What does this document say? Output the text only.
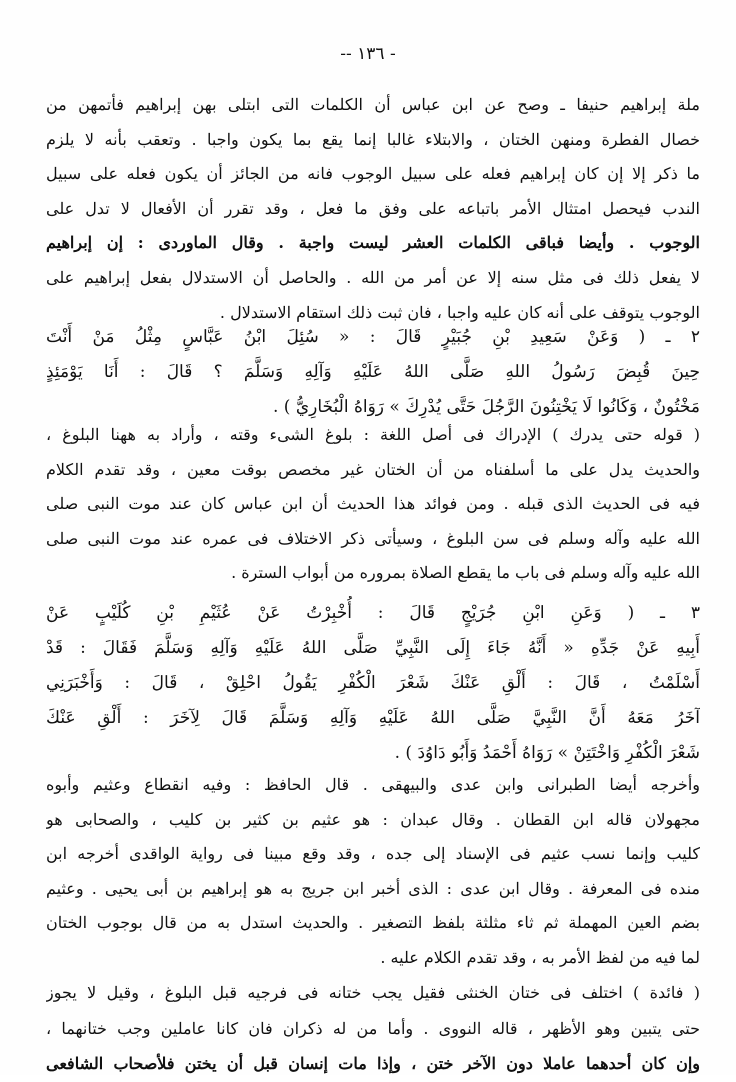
-- ١٣٦ -
ملة إبراهيم حنيفا ـ وصح عن ابن عباس أن الكلمات التى ابتلى بهن إبراهيم فأتمهن من
خصال الفطرة ومنهن الختان ، والابتلاء غالبا إنما يقع بما يكون واجبا . وتعقب بأنه لا يلزم
ما ذكر إلا إن كان إبراهيم فعله على سبيل الوجوب فانه من الجائز أن يكون فعله على سبيل
الندب فيحصل امتثال الأمر باتباعه على وفق ما فعل ، وقد تقرر أن الأفعال لا تدل على
الوجوب . وأيضا فباقى الكلمات العشر ليست واجبة . وقال الماوردى : إن إبراهيم
لا يفعل ذلك فى مثل سنه إلا عن أمر من الله . والحاصل أن الاستدلال بفعل إبراهيم على
الوجوب يتوقف على أنه كان عليه واجبا ، فان ثبت ذلك استقام الاستدلال .
٢ ـ ( وَعَنْ سَعِيدِ بْنِ جُبَيْرٍ قَالَ : « سُئِلَ ابْنُ عَبَّاسٍ مِثْلُ مَنْ أَنْتَ
حِينَ قُبِضَ رَسُولُ اللهِ صَلَّى اللهُ عَلَيْهِ وَآلِهِ وَسَلَّمَ ؟ قَالَ : أَنَا يَوْمَئِذٍ
مَخْتُونٌ ، وَكَانُوا لَا يَخْتِنُونَ الرَّجُلَ حَتَّى يُدْرِكَ » رَوَاهُ الْبُخَارِيُّ ) .
( قوله حتى يدرك ) الإدراك فى أصل اللغة : بلوغ الشىء وقته ، وأراد به ههنا البلوغ ،
والحديث يدل على ما أسلفناه من أن الختان غير مخصص بوقت معين ، وقد تقدم الكلام
فيه فى الحديث الذى قبله . ومن فوائد هذا الحديث أن ابن عباس كان عند موت النبى صلى
الله عليه وآله وسلم فى سن البلوغ ، وسيأتى ذكر الاختلاف فى عمره عند موت النبى صلى
الله عليه وآله وسلم فى باب ما يقطع الصلاة بمروره من أبواب السترة .
٣ ـ ( وَعَنِ ابْنِ جُرَيْجٍ قَالَ : أُخْبِرْتُ عَنْ عُثَيْمِ بْنِ كُلَيْبٍ عَنْ
أَبِيهِ عَنْ جَدِّهِ « أَنَّهُ جَاءَ إِلَى النَّبِيِّ صَلَّى اللهُ عَلَيْهِ وَآلِهِ وَسَلَّمَ فَقَالَ : قَدْ
أَسْلَمْتُ ، قَالَ : أَلْقِ عَنْكَ شَعْرَ الْكُفْرِ يَقُولُ احْلِقْ ، قَالَ : وَأَخْبَرَنِي
آخَرُ مَعَهُ أَنَّ النَّبِيَّ صَلَّى اللهُ عَلَيْهِ وَآلِهِ وَسَلَّمَ قَالَ لِآخَرَ : أَلْقِ عَنْكَ
شَعْرَ الْكُفْرِ وَاخْتَتِنْ » رَوَاهُ أَحْمَدُ وَأَبُو دَاوُدَ ) .
وأخرجه أيضا الطبرانى وابن عدى والبيهقى . قال الحافظ : وفيه انقطاع وعثيم وأبوه
مجهولان قاله ابن القطان . وقال عبدان : هو عثيم بن كثير بن كليب ، والصحابى هو
كليب وإنما نسب عثيم فى الإسناد إلى جده ، وقد وقع مبينا فى رواية الواقدى أخرجه ابن
منده فى المعرفة . وقال ابن عدى : الذى أخبر ابن جريج به هو إبراهيم بن أبى يحيى . وعثيم
بضم العين المهملة ثم ثاء مثلثة بلفظ التصغير . والحديث استدل به من قال بوجوب الختان
لما فيه من لفظ الأمر به ، وقد تقدم الكلام عليه .
( فائدة ) اختلف فى ختان الخنثى فقيل يجب ختانه فى فرجيه قبل البلوغ ، وقيل لا يجوز
حتى يتبين وهو الأظهر ، قاله النووى . وأما من له ذكران فان كانا عاملين وجب ختانهما ،
وإن كان أحدهما عاملا دون الآخر ختن ، وإذا مات إنسان قبل أن يختن فلأصحاب الشافعى
